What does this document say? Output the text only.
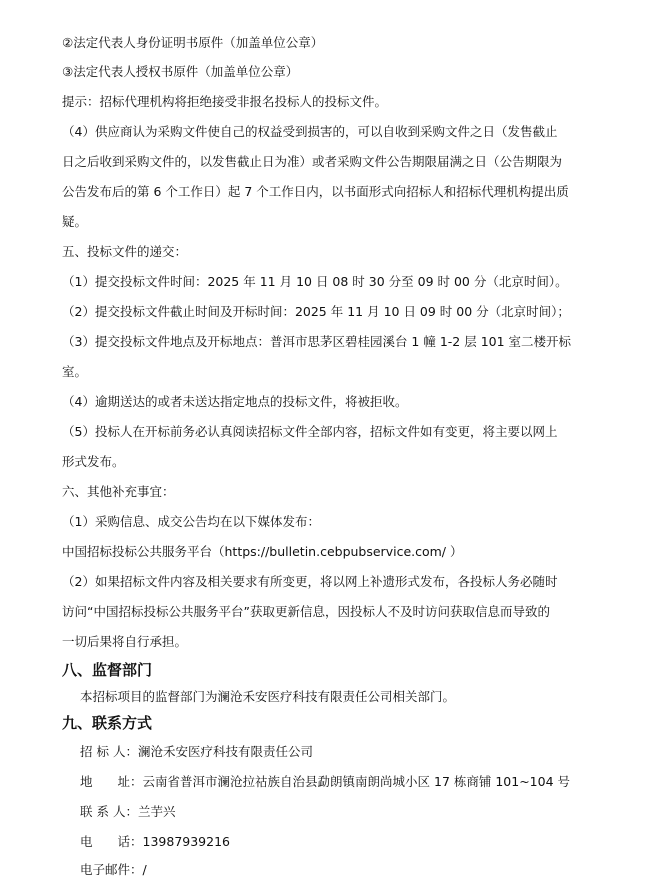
②法定代表人身份证明书原件（加盖单位公章）
③法定代表人授权书原件（加盖单位公章）
提示：招标代理机构将拒绝接受非报名投标人的投标文件。
（4）供应商认为采购文件使自己的权益受到损害的，可以自收到采购文件之日（发售截止
日之后收到采购文件的，以发售截止日为准）或者采购文件公告期限届满之日（公告期限为
公告发布后的第 6 个工作日）起 7 个工作日内，以书面形式向招标人和招标代理机构提出质
疑。
五、投标文件的递交：
（1）提交投标文件时间：2025 年 11 月 10 日 08 时 30 分至 09 时 00 分（北京时间）。
（2）提交投标文件截止时间及开标时间：2025 年 11 月 10 日 09 时 00 分（北京时间）；
（3）提交投标文件地点及开标地点：普洱市思茅区碧桂园溪台 1 幢 1-2 层 101 室二楼开标
室。
（4）逾期送达的或者未送达指定地点的投标文件，将被拒收。
（5）投标人在开标前务必认真阅读招标文件全部内容，招标文件如有变更，将主要以网上
形式发布。
六、其他补充事宜：
（1）采购信息、成交公告均在以下媒体发布：
中国招标投标公共服务平台（https://bulletin.cebpubservice.com/ ）
（2）如果招标文件内容及相关要求有所变更，将以网上补遗形式发布，各投标人务必随时
访问“中国招标投标公共服务平台”获取更新信息，因投标人不及时访问获取信息而导致的
一切后果将自行承担。
八、监督部门
本招标项目的监督部门为澜沧禾安医疗科技有限责任公司相关部门。
九、联系方式
招 标 人：澜沧禾安医疗科技有限责任公司
地　　址：云南省普洱市澜沧拉祜族自治县勐朗镇南朗尚城小区 17 栋商铺 101~104 号
联 系 人：兰芋兴
电　　话：13987939216
电子邮件：/
